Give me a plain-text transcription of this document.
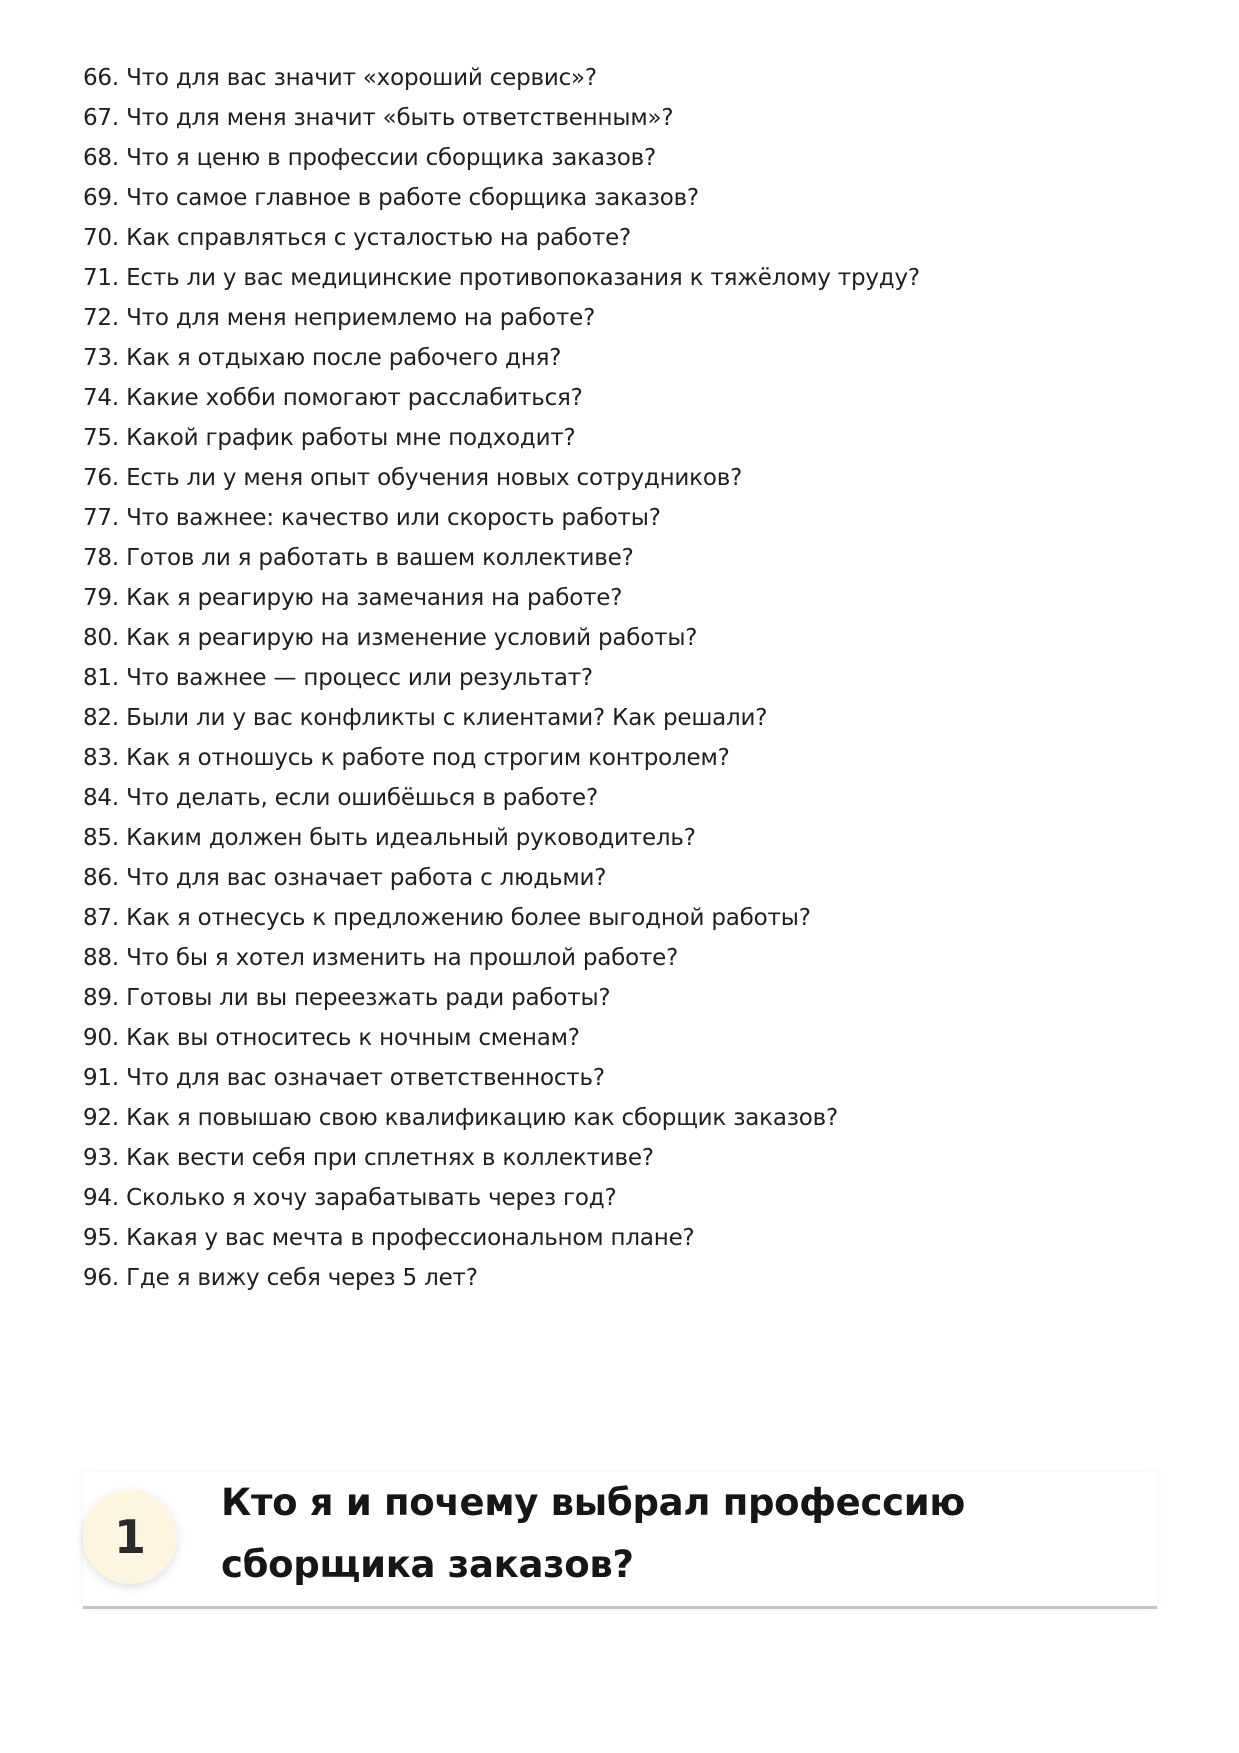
66. Что для вас значит «хороший сервис»?
67. Что для меня значит «быть ответственным»?
68. Что я ценю в профессии сборщика заказов?
69. Что самое главное в работе сборщика заказов?
70. Как справляться с усталостью на работе?
71. Есть ли у вас медицинские противопоказания к тяжёлому труду?
72. Что для меня неприемлемо на работе?
73. Как я отдыхаю после рабочего дня?
74. Какие хобби помогают расслабиться?
75. Какой график работы мне подходит?
76. Есть ли у меня опыт обучения новых сотрудников?
77. Что важнее: качество или скорость работы?
78. Готов ли я работать в вашем коллективе?
79. Как я реагирую на замечания на работе?
80. Как я реагирую на изменение условий работы?
81. Что важнее — процесс или результат?
82. Были ли у вас конфликты с клиентами? Как решали?
83. Как я отношусь к работе под строгим контролем?
84. Что делать, если ошибёшься в работе?
85. Каким должен быть идеальный руководитель?
86. Что для вас означает работа с людьми?
87. Как я отнесусь к предложению более выгодной работы?
88. Что бы я хотел изменить на прошлой работе?
89. Готовы ли вы переезжать ради работы?
90. Как вы относитесь к ночным сменам?
91. Что для вас означает ответственность?
92. Как я повышаю свою квалификацию как сборщик заказов?
93. Как вести себя при сплетнях в коллективе?
94. Сколько я хочу зарабатывать через год?
95. Какая у вас мечта в профессиональном плане?
96. Где я вижу себя через 5 лет?
1
Кто я и почему выбрал профессию сборщика заказов?
